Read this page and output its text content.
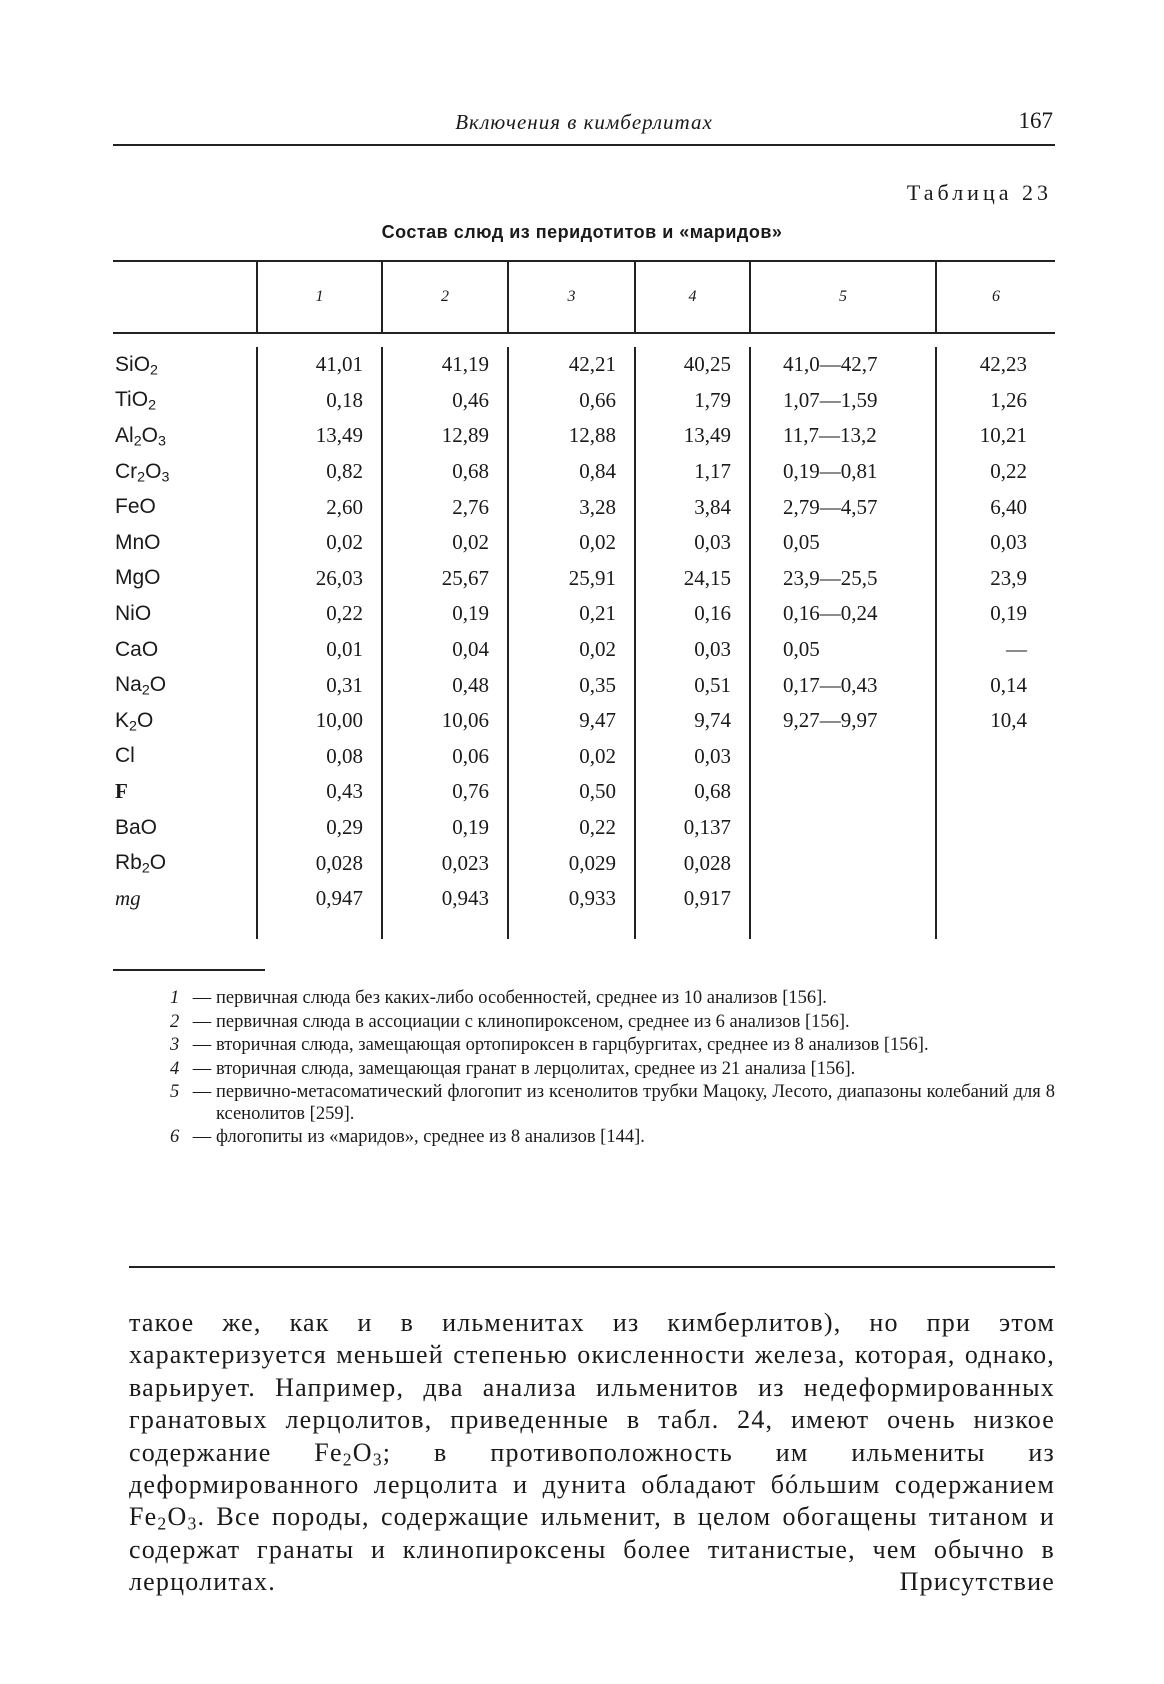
Включения в кимберлитах	167
Таблица 23
Состав слюд из перидотитов и «маридов»
	1	2	3	4	5	6

SiO$_2$	41,01	41,19	42,21	40,25	41,0—42,7	42,23
TiO$_2$	0,18	0,46	0,66	1,79	1,07—1,59	1,26
$Al_2O_3$	13,49	12,89	12,88	13,49	11,7—13,2	10,21
$Cr_2O_3$	0,82	0,68	0,84	1,17	0,19—0,81	0,22
FeO	2,60	2,76	3,28	3,84	2,79—4,57	6,40
MnO	0,02	0,02	0,02	0,03	0,05	0,03
MgO	26,03	25,67	25,91	24,15	23,9—25,5	23,9
NiO	0,22	0,19	0,21	0,16	0,16—0,24	0,19
CaO	0,01	0,04	0,02	0,03	0,05	—
$Na_2O$	0,31	0,48	0,35	0,51	0,17—0,43	0,14
$K_2O$	10,00	10,06	9,47	9,74	9,27—9,97	10,4
Cl	0,08	0,06	0,02	0,03		
F	0,43	0,76	0,50	0,68		
BaO	0,29	0,19	0,22	0,137		
$Rb_2O$	0,028	0,023	0,029	0,028		
mg	0,947	0,943	0,933	0,917		

1 — первичная слюда без каких-либо особенностей, среднее из 10 анализов [156].
2 — первичная слюда в ассоциации с клинопироксеном, среднее из 6 анализов [156].
3 — вторичная слюда, замещающая ортопироксен в гарцбургитах, среднее из 8 анализов [156].
4 — вторичная слюда, замещающая гранат в лерцолитах, среднее из 21 анализа [156].
5 — первично-метасоматический флогопит из ксенолитов трубки Мацоку, Лесото, диапазоны колебаний для 8 ксенолитов [259].
6 — флогопиты из «маридов», среднее из 8 анализов [144].
такое же, как и в ильменитах из кимберлитов), но при этом характеризуется меньшей степенью окисленности железа, которая, однако, варьирует. Например, два анализа ильменитов из недеформированных гранатовых лерцолитов, приведенные в табл. 24, имеют очень низкое содержание $Fe_2O_3$; в противоположность им ильмениты из деформированного лерцолита и дунита обладают бóльшим содержанием $Fe_2O_3$. Все породы, содержащие ильменит, в целом обогащены титаном и содержат гранаты и клинопироксены более титанистые, чем обычно в лерцолитах. Присутствие
